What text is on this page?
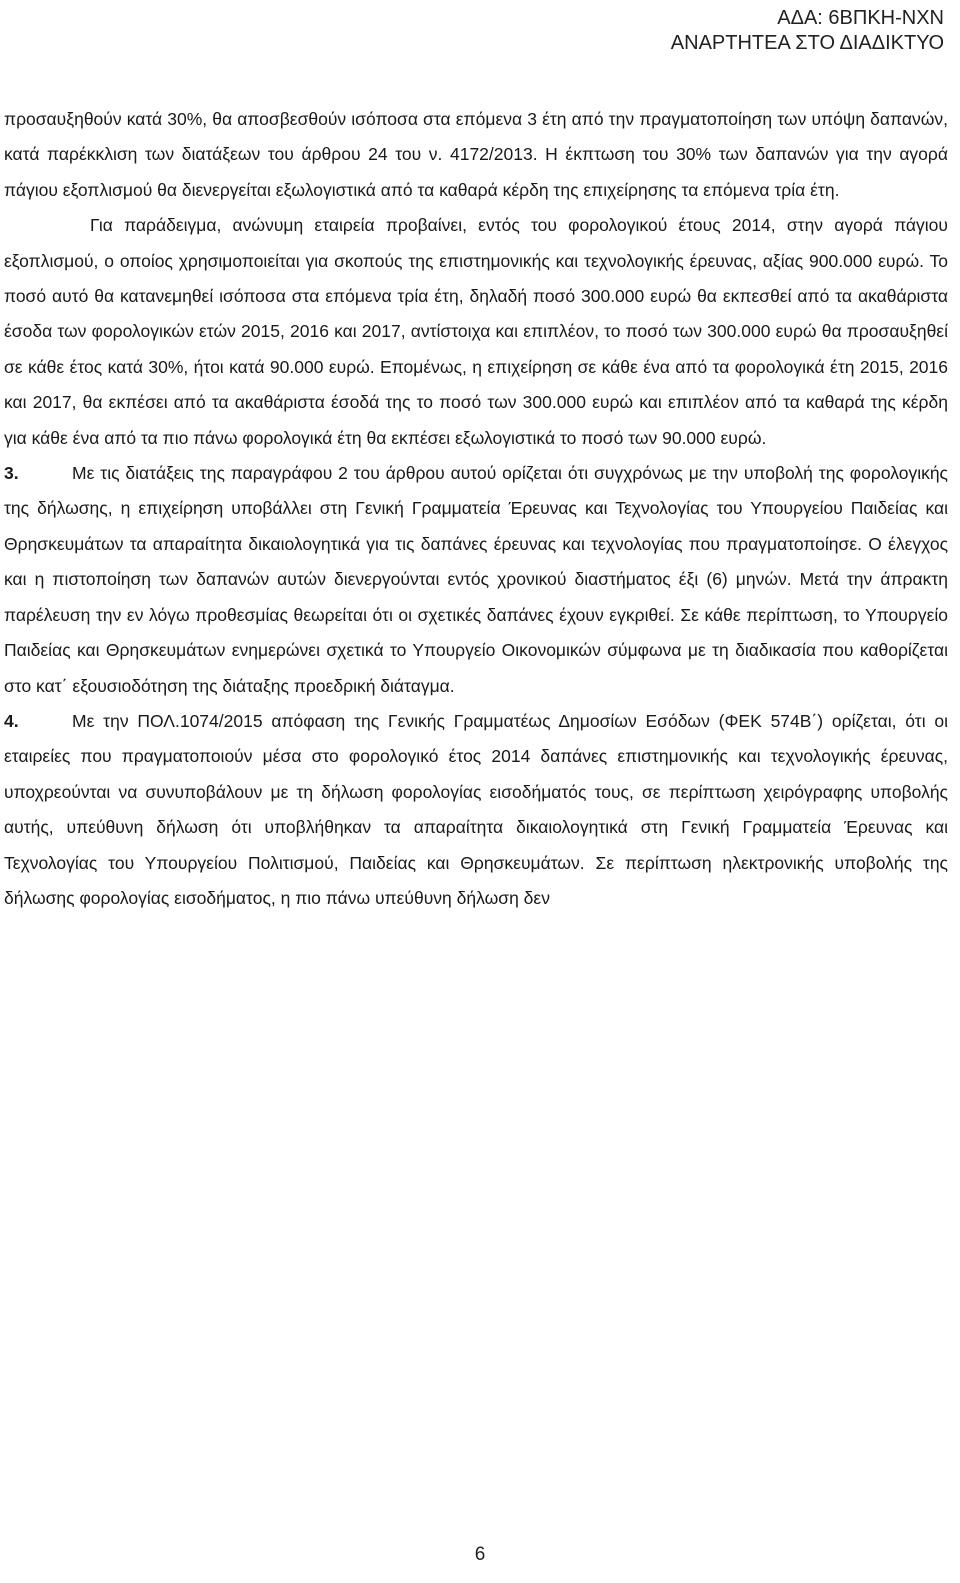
ΑΔΑ: 6ΒΠΚΗ-ΝΧΝ
ΑΝΑΡΤΗΤΕΑ ΣΤΟ ΔΙΑΔΙΚΤΥΟ

προσαυξηθούν κατά 30%, θα αποσβεσθούν ισόποσα στα επόμενα 3 έτη από την πραγματοποίηση των υπόψη δαπανών, κατά παρέκκλιση των διατάξεων του άρθρου 24 του ν. 4172/2013. Η έκπτωση του 30% των δαπανών για την αγορά πάγιου εξοπλισμού θα διενεργείται εξωλογιστικά από τα καθαρά κέρδη της επιχείρησης τα επόμενα τρία έτη.

Για παράδειγμα, ανώνυμη εταιρεία προβαίνει, εντός του φορολογικού έτους 2014, στην αγορά πάγιου εξοπλισμού, ο οποίος χρησιμοποιείται για σκοπούς της επιστημονικής και τεχνολογικής έρευνας, αξίας 900.000 ευρώ. Το ποσό αυτό θα κατανεμηθεί ισόποσα στα επόμενα τρία έτη, δηλαδή ποσό 300.000 ευρώ θα εκπεσθεί από τα ακαθάριστα έσοδα των φορολογικών ετών 2015, 2016 και 2017, αντίστοιχα και επιπλέον, το ποσό των 300.000 ευρώ θα προσαυξηθεί σε κάθε έτος κατά 30%, ήτοι κατά 90.000 ευρώ. Επομένως, η επιχείρηση σε κάθε ένα από τα φορολογικά έτη 2015, 2016 και 2017, θα εκπέσει από τα ακαθάριστα έσοδά της το ποσό των 300.000 ευρώ και επιπλέον από τα καθαρά της κέρδη για κάθε ένα από τα πιο πάνω φορολογικά έτη θα εκπέσει εξωλογιστικά το ποσό των 90.000 ευρώ.

3.	Με τις διατάξεις της παραγράφου 2 του άρθρου αυτού ορίζεται ότι συγχρόνως με την υποβολή της φορολογικής της δήλωσης, η επιχείρηση υποβάλλει στη Γενική Γραμματεία Έρευνας και Τεχνολογίας του Υπουργείου Παιδείας και Θρησκευμάτων τα απαραίτητα δικαιολογητικά για τις δαπάνες έρευνας και τεχνολογίας που πραγματοποίησε. Ο έλεγχος και η πιστοποίηση των δαπανών αυτών διενεργούνται εντός χρονικού διαστήματος έξι (6) μηνών. Μετά την άπρακτη παρέλευση την εν λόγω προθεσμίας θεωρείται ότι οι σχετικές δαπάνες έχουν εγκριθεί. Σε κάθε περίπτωση, το Υπουργείο Παιδείας και Θρησκευμάτων ενημερώνει σχετικά το Υπουργείο Οικονομικών σύμφωνα με τη διαδικασία που καθορίζεται στο κατ΄ εξουσιοδότηση της διάταξης προεδρική διάταγμα.

4.	Με την ΠΟΛ.1074/2015 απόφαση της Γενικής Γραμματέως Δημοσίων Εσόδων (ΦΕΚ 574Β΄) ορίζεται, ότι οι εταιρείες που πραγματοποιούν μέσα στο φορολογικό έτος 2014 δαπάνες επιστημονικής και τεχνολογικής έρευνας, υποχρεούνται να συνυποβάλουν με τη δήλωση φορολογίας εισοδήματός τους, σε περίπτωση χειρόγραφης υποβολής αυτής, υπεύθυνη δήλωση ότι υποβλήθηκαν τα απαραίτητα δικαιολογητικά στη Γενική Γραμματεία Έρευνας και Τεχνολογίας του Υπουργείου Πολιτισμού, Παιδείας και Θρησκευμάτων. Σε περίπτωση ηλεκτρονικής υποβολής της δήλωσης φορολογίας εισοδήματος, η πιο πάνω υπεύθυνη δήλωση δεν

6
